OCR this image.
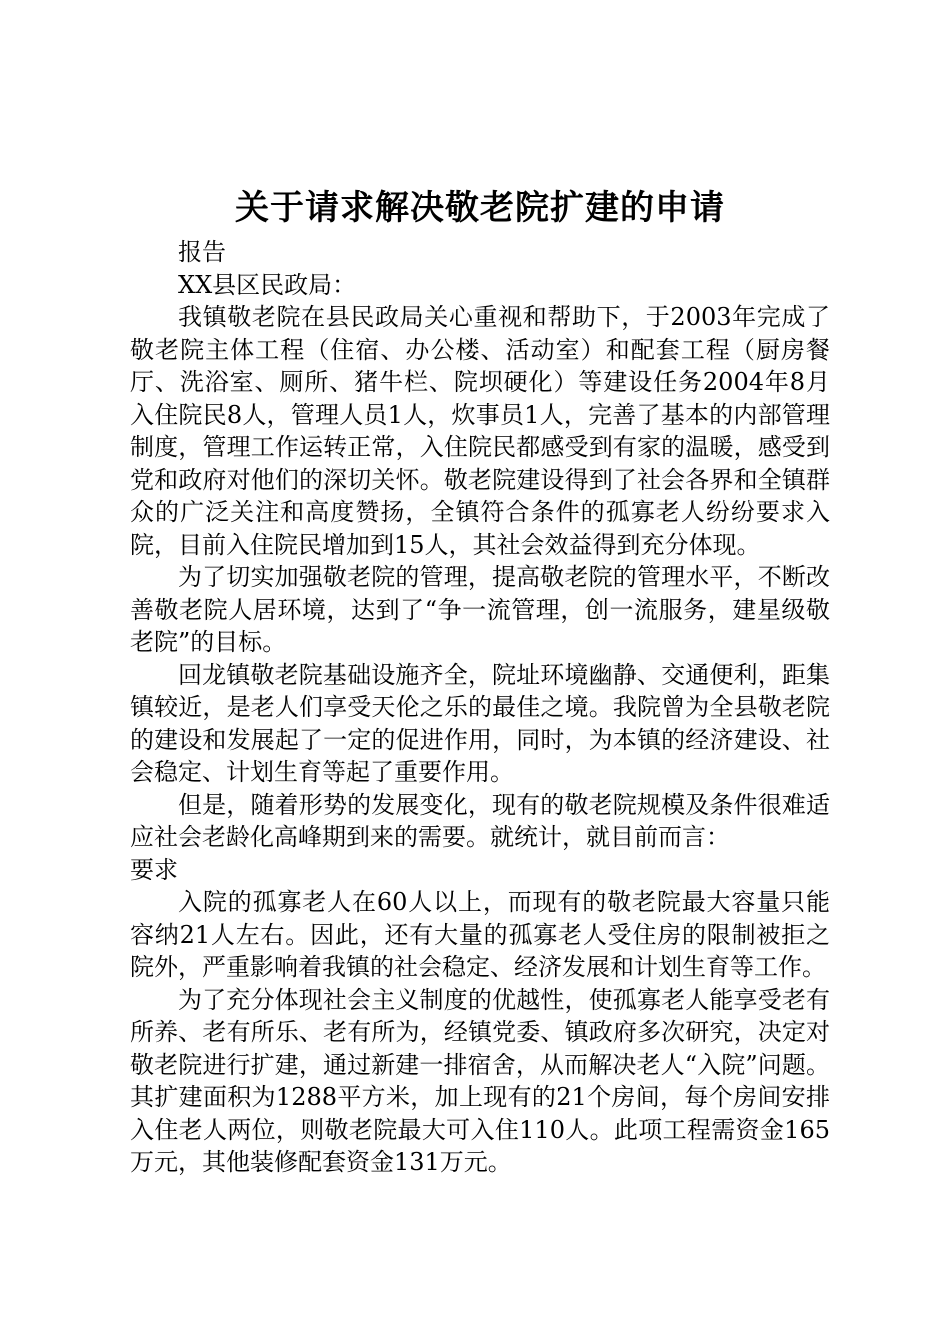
关于请求解决敬老院扩建的申请

报告

XX县区民政局：

我镇敬老院在县民政局关心重视和帮助下，于2003年完成了敬老院主体工程（住宿、办公楼、活动室）和配套工程（厨房餐厅、洗浴室、厕所、猪牛栏、院坝硬化）等建设任务2004年8月入住院民8人，管理人员1人，炊事员1人，完善了基本的内部管理制度，管理工作运转正常，入住院民都感受到有家的温暖，感受到党和政府对他们的深切关怀。敬老院建设得到了社会各界和全镇群众的广泛关注和高度赞扬，全镇符合条件的孤寡老人纷纷要求入院，目前入住院民增加到15人，其社会效益得到充分体现。

为了切实加强敬老院的管理，提高敬老院的管理水平，不断改善敬老院人居环境，达到了“争一流管理，创一流服务，建星级敬老院”的目标。

回龙镇敬老院基础设施齐全，院址环境幽静、交通便利，距集镇较近，是老人们享受天伦之乐的最佳之境。我院曾为全县敬老院的建设和发展起了一定的促进作用，同时，为本镇的经济建设、社会稳定、计划生育等起了重要作用。

但是，随着形势的发展变化，现有的敬老院规模及条件很难适应社会老龄化高峰期到来的需要。就统计，就目前而言：

要求

入院的孤寡老人在60人以上，而现有的敬老院最大容量只能容纳21人左右。因此，还有大量的孤寡老人受住房的限制被拒之院外，严重影响着我镇的社会稳定、经济发展和计划生育等工作。

为了充分体现社会主义制度的优越性，使孤寡老人能享受老有所养、老有所乐、老有所为，经镇党委、镇政府多次研究，决定对敬老院进行扩建，通过新建一排宿舍，从而解决老人“入院”问题。其扩建面积为1288平方米，加上现有的21个房间，每个房间安排入住老人两位，则敬老院最大可入住110人。此项工程需资金165万元，其他装修配套资金131万元。
